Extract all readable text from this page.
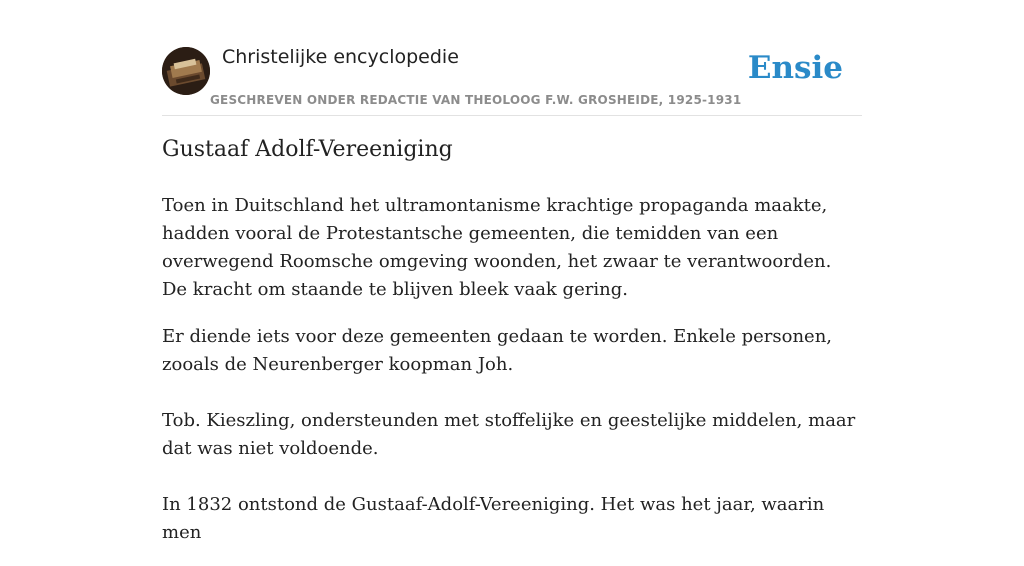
Christelijke encyclopedie
GESCHREVEN ONDER REDACTIE VAN THEOLOOG F.W. GROSHEIDE, 1925-1931
Ensie
Gustaaf Adolf-Vereeniging

Toen in Duitschland het ultramontanisme krachtige propaganda maakte, hadden vooral de Protestantsche gemeenten, die temidden van een overwegend Roomsche omgeving woonden, het zwaar te verantwoorden. De kracht om staande te blijven bleek vaak gering.

Er diende iets voor deze gemeenten gedaan te worden. Enkele personen, zooals de Neurenberger koopman Joh.

Tob. Kieszling, ondersteunden met stoffelijke en geestelijke middelen, maar dat was niet voldoende.

In 1832 ontstond de Gustaaf-Adolf-Vereeniging. Het was het jaar, waarin men
